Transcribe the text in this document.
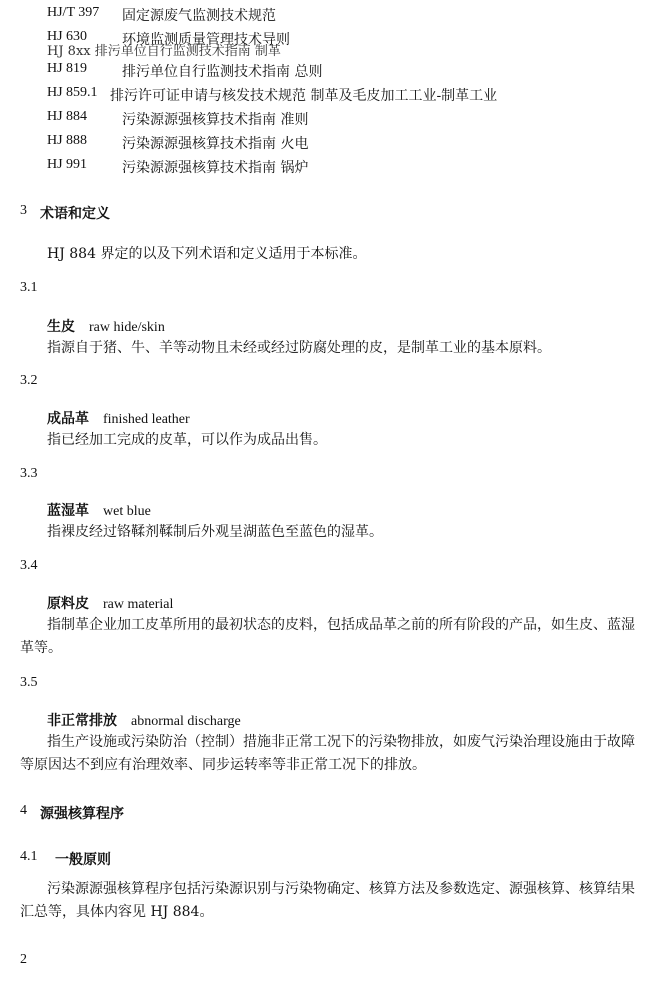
HJ/T 397 固定源废气监测技术规范
HJ 630 环境监测质量管理技术导则
HJ 8xx 排污单位自行监测技术指南 制革
HJ 819 排污单位自行监测技术指南 总则
HJ 859.1 排污许可证申请与核发技术规范 制革及毛皮加工工业-制革工业
HJ 884 污染源源强核算技术指南 准则
HJ 888 污染源源强核算技术指南 火电
HJ 991 污染源源强核算技术指南 锅炉
3 术语和定义
HJ 884 界定的以及下列术语和定义适用于本标准。
3.1
生皮 raw hide/skin
指源自于猪、牛、羊等动物且未经或经过防腐处理的皮，是制革工业的基本原料。
3.2
成品革 finished leather
指已经加工完成的皮革，可以作为成品出售。
3.3
蓝湿革 wet blue
指裸皮经过铬鞣剂鞣制后外观呈湖蓝色至蓝色的湿革。
3.4
原料皮 raw material
指制革企业加工皮革所用的最初状态的皮料，包括成品革之前的所有阶段的产品，如生皮、蓝湿革等。
3.5
非正常排放 abnormal discharge
指生产设施或污染防治（控制）措施非正常工况下的污染物排放，如废气污染治理设施由于故障等原因达不到应有治理效率、同步运转率等非正常工况下的排放。
4 源强核算程序
4.1 一般原则
污染源源强核算程序包括污染源识别与污染物确定、核算方法及参数选定、源强核算、核算结果汇总等，具体内容见 HJ 884。
2
